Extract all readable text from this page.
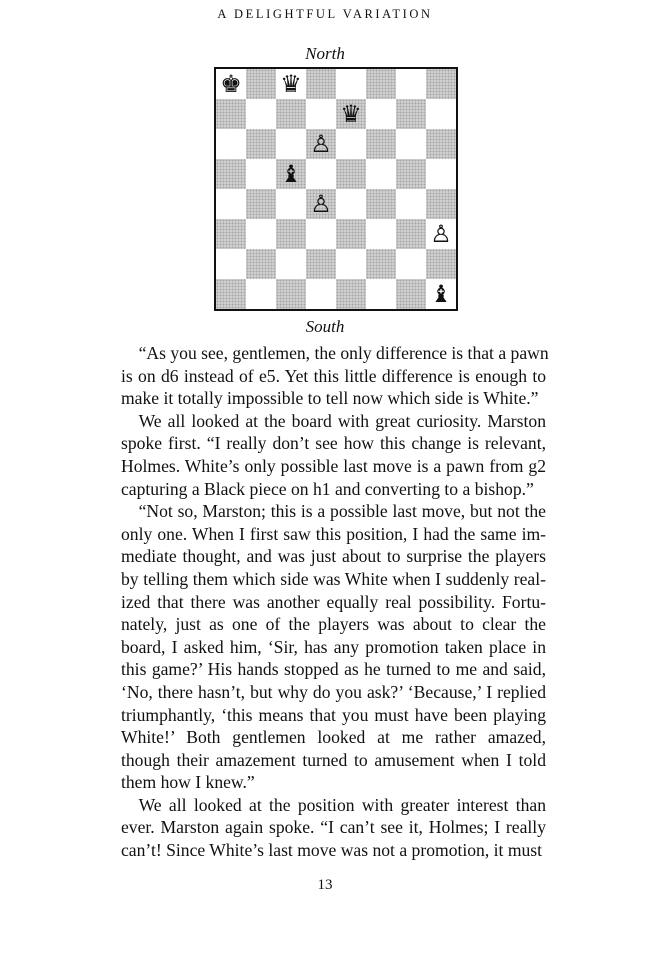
A DELIGHTFUL VARIATION
North
♚ ♛
♛
♙
♝
♙
♙
♝
South

“As you see, gentlemen, the only difference is that a pawn
is on d6 instead of e5. Yet this little difference is enough to
make it totally impossible to tell now which side is White.”

We all looked at the board with great curiosity. Marston
spoke first. “I really don’t see how this change is relevant,
Holmes. White’s only possible last move is a pawn from g2
capturing a Black piece on h1 and converting to a bishop.”

“Not so, Marston; this is a possible last move, but not the
only one. When I first saw this position, I had the same im-
mediate thought, and was just about to surprise the players
by telling them which side was White when I suddenly real-
ized that there was another equally real possibility. Fortu-
nately, just as one of the players was about to clear the
board, I asked him, ‘Sir, has any promotion taken place in
this game?’ His hands stopped as he turned to me and said,
‘No, there hasn’t, but why do you ask?’ ‘Because,’ I replied
triumphantly, ‘this means that you must have been playing
White!’ Both gentlemen looked at me rather amazed,
though their amazement turned to amusement when I told
them how I knew.”

We all looked at the position with greater interest than
ever. Marston again spoke. “I can’t see it, Holmes; I really
can’t! Since White’s last move was not a promotion, it must

13
